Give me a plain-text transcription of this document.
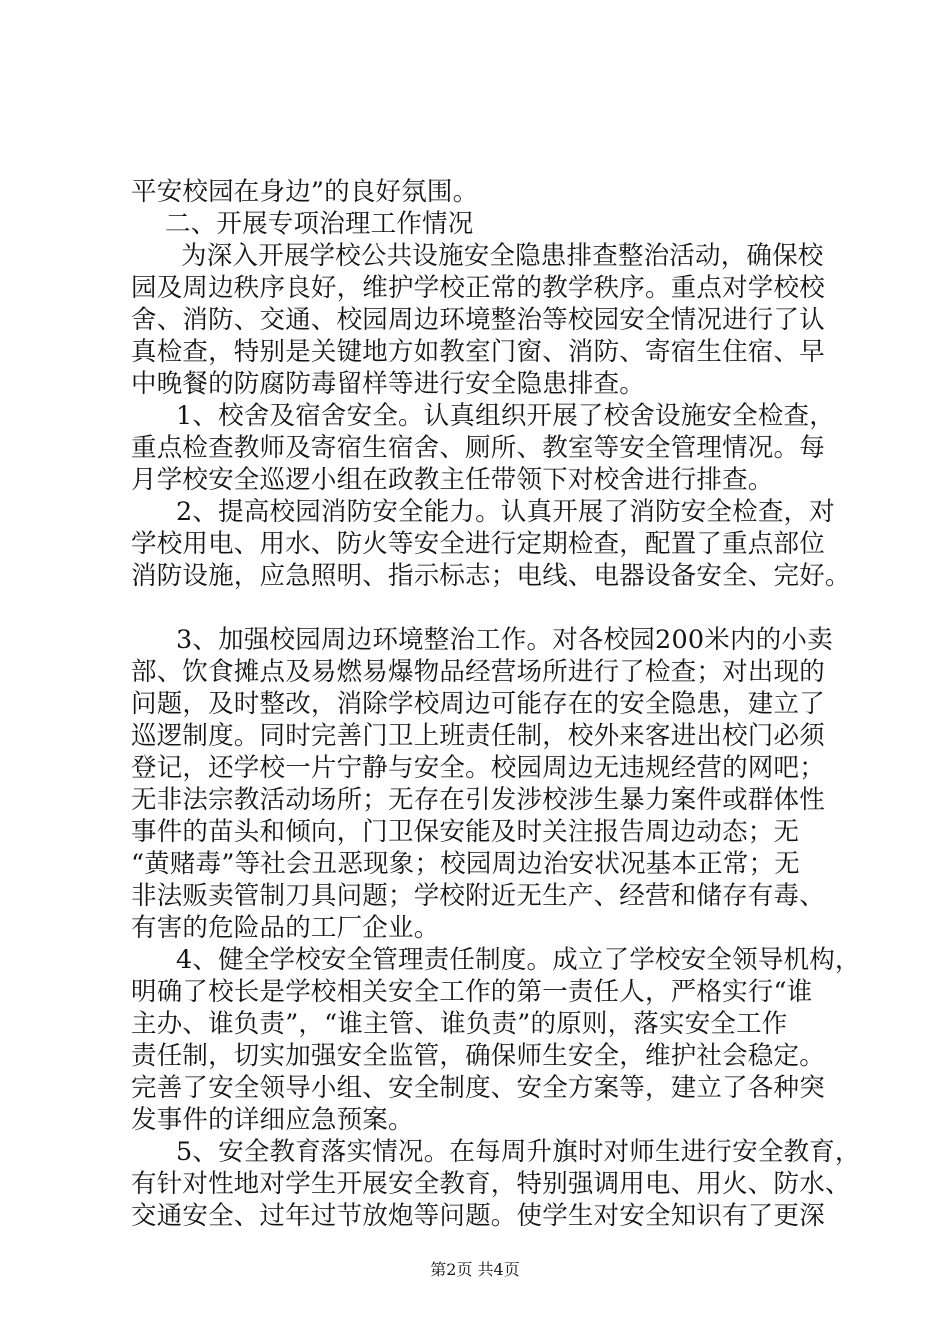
平安校园在身边”的良好氛围。
二、开展专项治理工作情况
为深入开展学校公共设施安全隐患排查整治活动，确保校
园及周边秩序良好，维护学校正常的教学秩序。重点对学校校
舍、消防、交通、校园周边环境整治等校园安全情况进行了认
真检查，特别是关键地方如教室门窗、消防、寄宿生住宿、早
中晚餐的防腐防毒留样等进行安全隐患排查。
1、校舍及宿舍安全。认真组织开展了校舍设施安全检查，
重点检查教师及寄宿生宿舍、厕所、教室等安全管理情况。每
月学校安全巡逻小组在政教主任带领下对校舍进行排查。
2、提高校园消防安全能力。认真开展了消防安全检查，对
学校用电、用水、防火等安全进行定期检查，配置了重点部位
消防设施，应急照明、指示标志；电线、电器设备安全、完好。
3、加强校园周边环境整治工作。对各校园200米内的小卖
部、饮食摊点及易燃易爆物品经营场所进行了检查；对出现的
问题，及时整改，消除学校周边可能存在的安全隐患，建立了
巡逻制度。同时完善门卫上班责任制，校外来客进出校门必须
登记，还学校一片宁静与安全。校园周边无违规经营的网吧；
无非法宗教活动场所；无存在引发涉校涉生暴力案件或群体性
事件的苗头和倾向，门卫保安能及时关注报告周边动态；无
“黄赌毒”等社会丑恶现象；校园周边治安状况基本正常；无
非法贩卖管制刀具问题；学校附近无生产、经营和储存有毒、
有害的危险品的工厂企业。
4、健全学校安全管理责任制度。成立了学校安全领导机构，
明确了校长是学校相关安全工作的第一责任人，严格实行“谁
主办、谁负责”，“谁主管、谁负责”的原则，落实安全工作
责任制，切实加强安全监管，确保师生安全，维护社会稳定。
完善了安全领导小组、安全制度、安全方案等，建立了各种突
发事件的详细应急预案。
5、安全教育落实情况。在每周升旗时对师生进行安全教育，
有针对性地对学生开展安全教育，特别强调用电、用火、防水、
交通安全、过年过节放炮等问题。使学生对安全知识有了更深
第2页 共4页
